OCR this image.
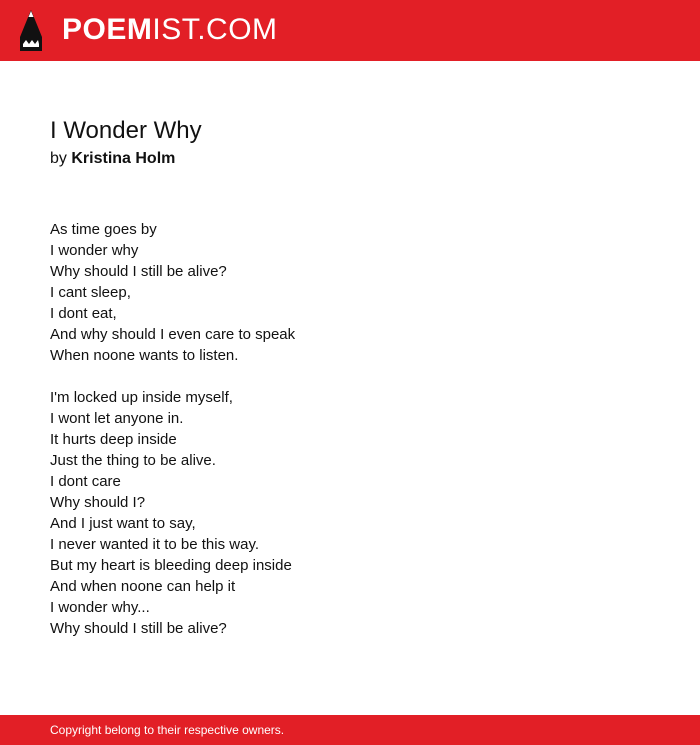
POEMIST.COM
I Wonder Why
by Kristina Holm
As time goes by
I wonder why
Why should I still be alive?
I cant sleep,
I dont eat,
And why should I even care to speak
When noone wants to listen.
I'm locked up inside myself,
I wont let anyone in.
It hurts deep inside
Just the thing to be alive.
I dont care
Why should I?
And I just want to say,
I never wanted it to be this way.
But my heart is bleeding deep inside
And when noone can help it
I wonder why...
Why should I still be alive?
Copyright belong to their respective owners.
